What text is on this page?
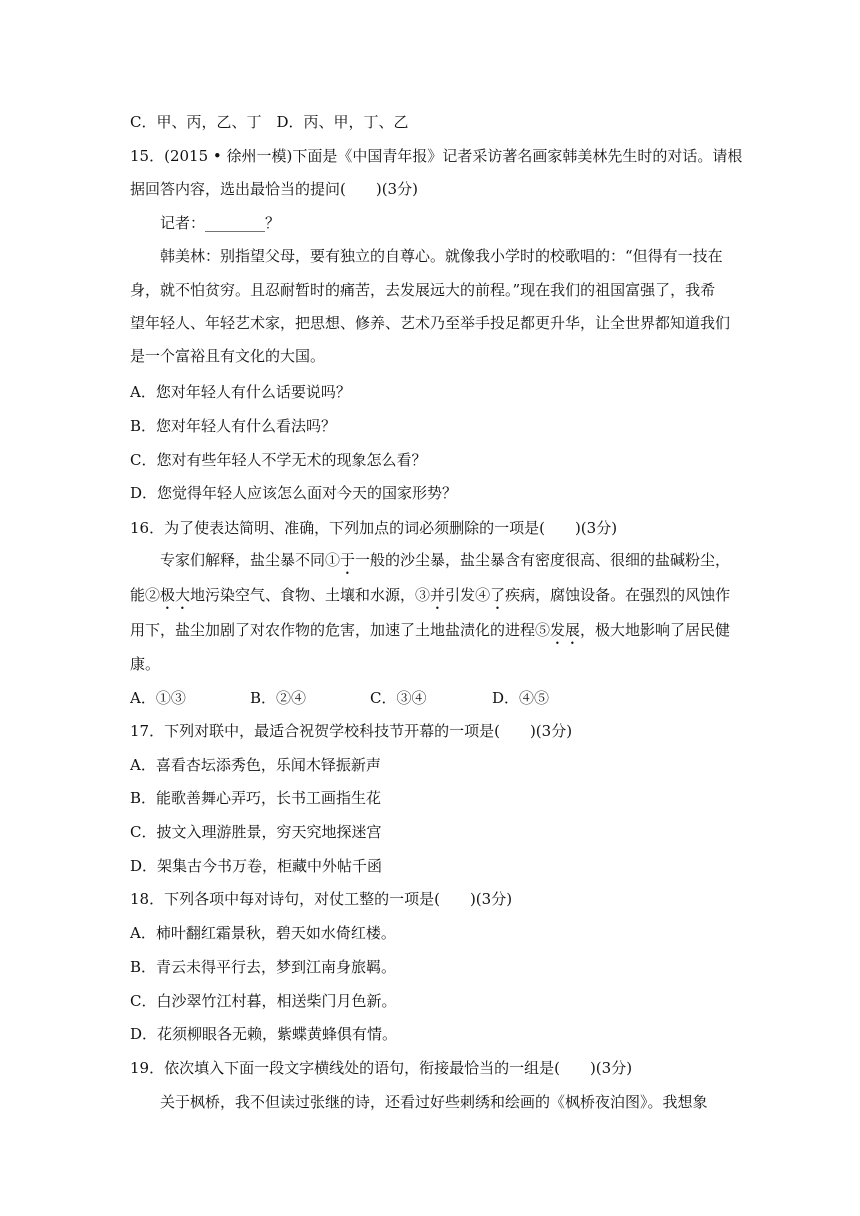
C．甲、丙，乙、丁　D．丙、甲，丁、乙
15．(2015 • 徐州一模)下面是《中国青年报》记者采访著名画家韩美林先生时的对话。请根
据回答内容，选出最恰当的提问(　　)(3分)
记者：________？
韩美林：别指望父母，要有独立的自尊心。就像我小学时的校歌唱的：“但得有一技在
身，就不怕贫穷。且忍耐暂时的痛苦，去发展远大的前程。”现在我们的祖国富强了，我希
望年轻人、年轻艺术家，把思想、修养、艺术乃至举手投足都更升华，让全世界都知道我们
是一个富裕且有文化的大国。
A．您对年轻人有什么话要说吗？
B．您对年轻人有什么看法吗？
C．您对有些年轻人不学无术的现象怎么看？
D．您觉得年轻人应该怎么面对今天的国家形势？
16．为了使表达简明、准确，下列加点的词必须删除的一项是(　　)(3分)
专家们解释，盐尘暴不同①于一般的沙尘暴，盐尘暴含有密度很高、很细的盐碱粉尘，
能②极大地污染空气、食物、土壤和水源，③并引发④了疾病，腐蚀设备。在强烈的风蚀作
用下，盐尘加剧了对农作物的危害，加速了土地盐渍化的进程⑤发展，极大地影响了居民健
康。
A．①③	B．②④	C．③④	D．④⑤
17．下列对联中，最适合祝贺学校科技节开幕的一项是(　　)(3分)
A．喜看杏坛添秀色，乐闻木铎振新声
B．能歌善舞心弄巧，长书工画指生花
C．披文入理游胜景，穷天究地探迷宫
D．架集古今书万卷，柜藏中外帖千函
18．下列各项中每对诗句，对仗工整的一项是(　　)(3分)
A．柿叶翻红霜景秋，碧天如水倚红楼。
B．青云未得平行去，梦到江南身旅羁。
C．白沙翠竹江村暮，相送柴门月色新。
D．花须柳眼各无赖，紫蝶黄蜂俱有情。
19．依次填入下面一段文字横线处的语句，衔接最恰当的一组是(　　)(3分)
关于枫桥，我不但读过张继的诗，还看过好些刺绣和绘画的《枫桥夜泊图》。我想象
